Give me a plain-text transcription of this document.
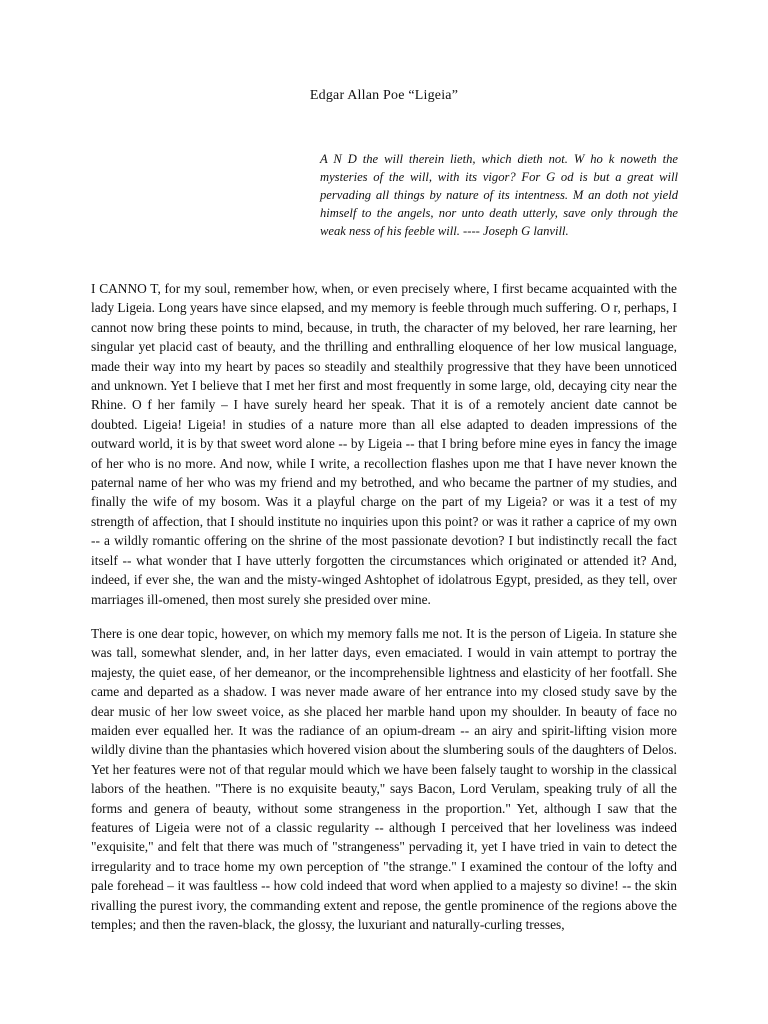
Edgar Allan Poe “Ligeia”
A N D the will therein lieth, which dieth not. W ho k noweth the mysteries of the will, with its vigor? For G od is but a great will pervading all things by nature of its intentness. M an doth not yield himself to the angels, nor unto death utterly, save only through the weak ness of his feeble will. ---- Joseph G lanvill.

I CANNO T, for my soul, remember how, when, or even precisely where, I first became acquainted with the lady Ligeia. Long years have since elapsed, and my memory is feeble through much suffering. O r, perhaps, I cannot now bring these points to mind, because, in truth, the character of my beloved, her rare learning, her singular yet placid cast of beauty, and the thrilling and enthralling eloquence of her low musical language, made their way into my heart by paces so steadily and stealthily progressive that they have been unnoticed and unknown. Yet I believe that I met her first and most frequently in some large, old, decaying city near the Rhine. O f her family – I have surely heard her speak. That it is of a remotely ancient date cannot be doubted. Ligeia! Ligeia! in studies of a nature more than all else adapted to deaden impressions of the outward world, it is by that sweet word alone -- by Ligeia -- that I bring before mine eyes in fancy the image of her who is no more. And now, while I write, a recollection flashes upon me that I have never known the paternal name of her who was my friend and my betrothed, and who became the partner of my studies, and finally the wife of my bosom. Was it a playful charge on the part of my Ligeia? or was it a test of my strength of affection, that I should institute no inquiries upon this point? or was it rather a caprice of my own -- a wildly romantic offering on the shrine of the most passionate devotion? I but indistinctly recall the fact itself -- what wonder that I have utterly forgotten the circumstances which originated or attended it? And, indeed, if ever she, the wan and the misty-winged Ashtophet of idolatrous Egypt, presided, as they tell, over marriages ill-omened, then most surely she presided over mine.

There is one dear topic, however, on which my memory falls me not. It is the person of Ligeia. In stature she was tall, somewhat slender, and, in her latter days, even emaciated. I would in vain attempt to portray the majesty, the quiet ease, of her demeanor, or the incomprehensible lightness and elasticity of her footfall. She came and departed as a shadow. I was never made aware of her entrance into my closed study save by the dear music of her low sweet voice, as she placed her marble hand upon my shoulder. In beauty of face no maiden ever equalled her. It was the radiance of an opium-dream -- an airy and spirit-lifting vision more wildly divine than the phantasies which hovered vision about the slumbering souls of the daughters of Delos. Yet her features were not of that regular mould which we have been falsely taught to worship in the classical labors of the heathen. "There is no exquisite beauty," says Bacon, Lord Verulam, speaking truly of all the forms and genera of beauty, without some strangeness in the proportion." Yet, although I saw that the features of Ligeia were not of a classic regularity -- although I perceived that her loveliness was indeed "exquisite," and felt that there was much of "strangeness" pervading it, yet I have tried in vain to detect the irregularity and to trace home my own perception of "the strange." I examined the contour of the lofty and pale forehead – it was faultless -- how cold indeed that word when applied to a majesty so divine! -- the skin rivalling the purest ivory, the commanding extent and repose, the gentle prominence of the regions above the temples; and then the raven-black, the glossy, the luxuriant and naturally-curling tresses,
